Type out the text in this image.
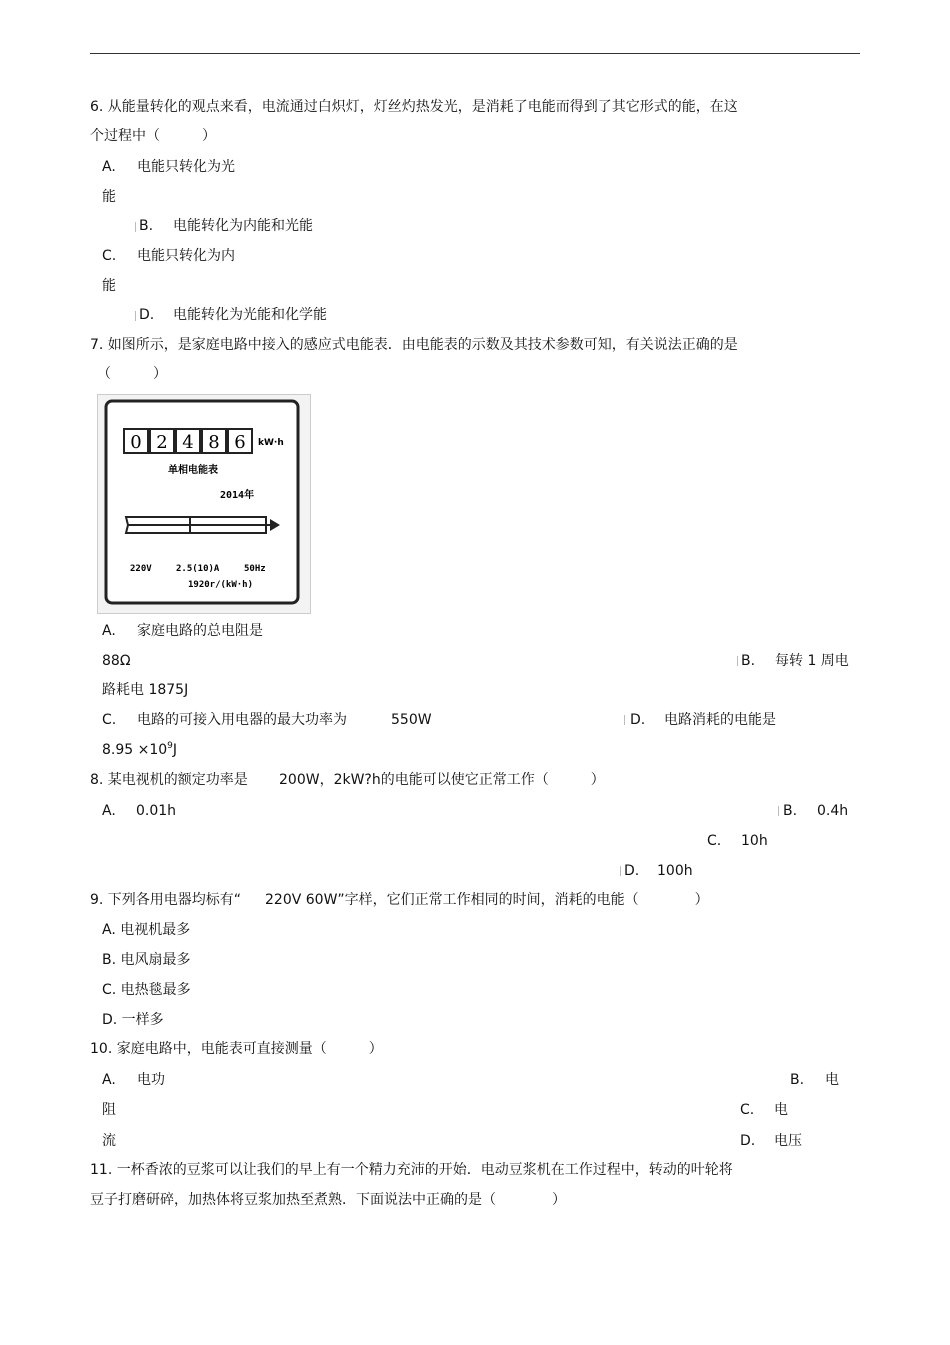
6. 从能量转化的观点来看，电流通过白炽灯，灯丝灼热发光，是消耗了电能而得到了其它形式的能，在这
个过程中（　　　）
A. 电能只转化为光
能
B. 电能转化为内能和光能
C. 电能只转化为内
能
D. 电能转化为光能和化学能
7. 如图所示，是家庭电路中接入的感应式电能表．由电能表的示数及其技术参数可知，有关说法正确的是
（　　　）
0 2 4 8 6 kW·h
单相电能表
2014年
220V	2.5(10)A	50Hz
1920r/(kW·h)
A. 家庭电路的总电阻是
88Ω	B. 每转 1 周电
路耗电 1875J
C. 电路的可接入用电器的最大功率为	550W	D. 电路消耗的电能是
$8.95 \times 10^9J$
8. 某电视机的额定功率是 200W，2kW?h的电能可以使它正常工作（　　　）
A. 0.01h	B. 0.4h
C. 10h
D. 100h
9. 下列各用电器均标有“ 220V 60W”字样，它们正常工作相同的时间，消耗的电能（　　　　）
A. 电视机最多
B. 电风扇最多
C. 电热毯最多
D. 一样多
10. 家庭电路中，电能表可直接测量（　　　）
A. 电功	B. 电
阻	C. 电
流	D. 电压
11. 一杯香浓的豆浆可以让我们的早上有一个精力充沛的开始．电动豆浆机在工作过程中，转动的叶轮将
豆子打磨研碎，加热体将豆浆加热至煮熟．下面说法中正确的是（　　　　）
